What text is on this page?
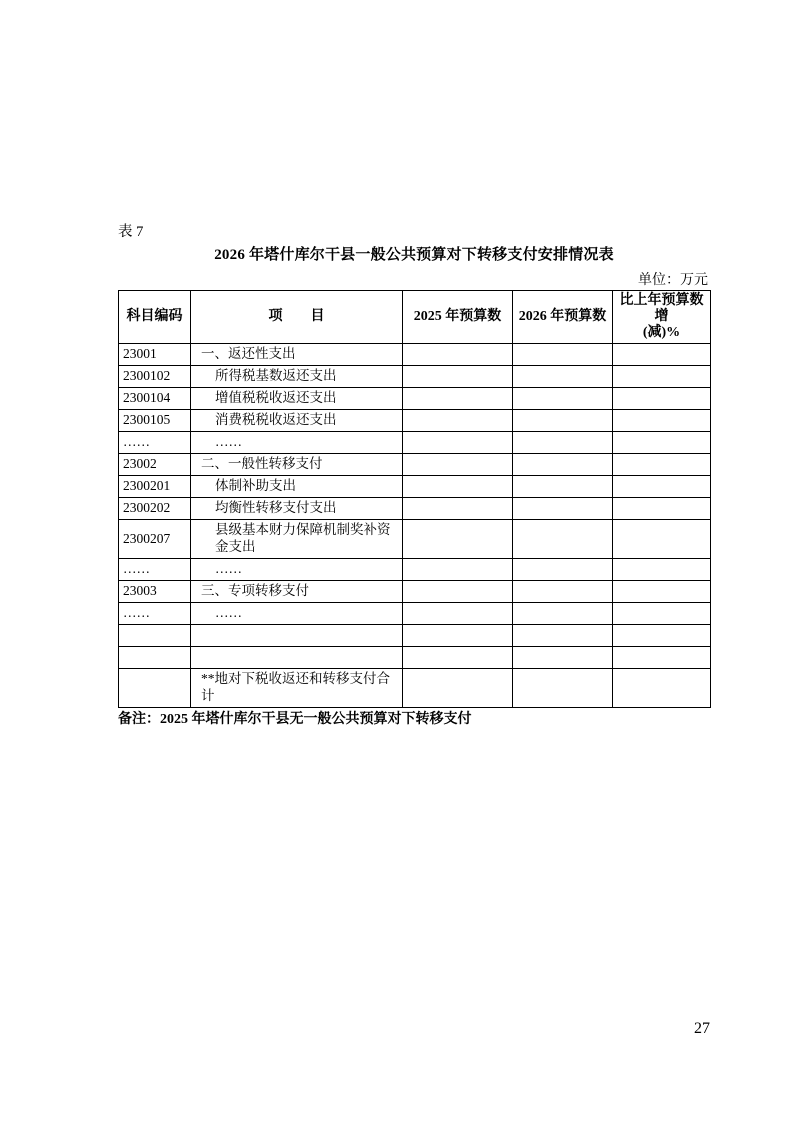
表 7
2026 年塔什库尔干县一般公共预算对下转移支付安排情况表
单位：万元
科目编码	项　　目	2025 年预算数	2026 年预算数	比上年预算数增
(减)%

23001	一、返还性支出			
2300102	所得税基数返还支出			
2300104	增值税税收返还支出			
2300105	消费税税收返还支出			
……	……			
23002	二、一般性转移支付			
2300201	体制补助支出			
2300202	均衡性转移支付支出			
2300207	县级基本财力保障机制奖补资金支出			
……	……			
23003	三、专项转移支付			
……	……			

	**地对下税收返还和转移支付合计			
备注：2025 年塔什库尔干县无一般公共预算对下转移支付
27
